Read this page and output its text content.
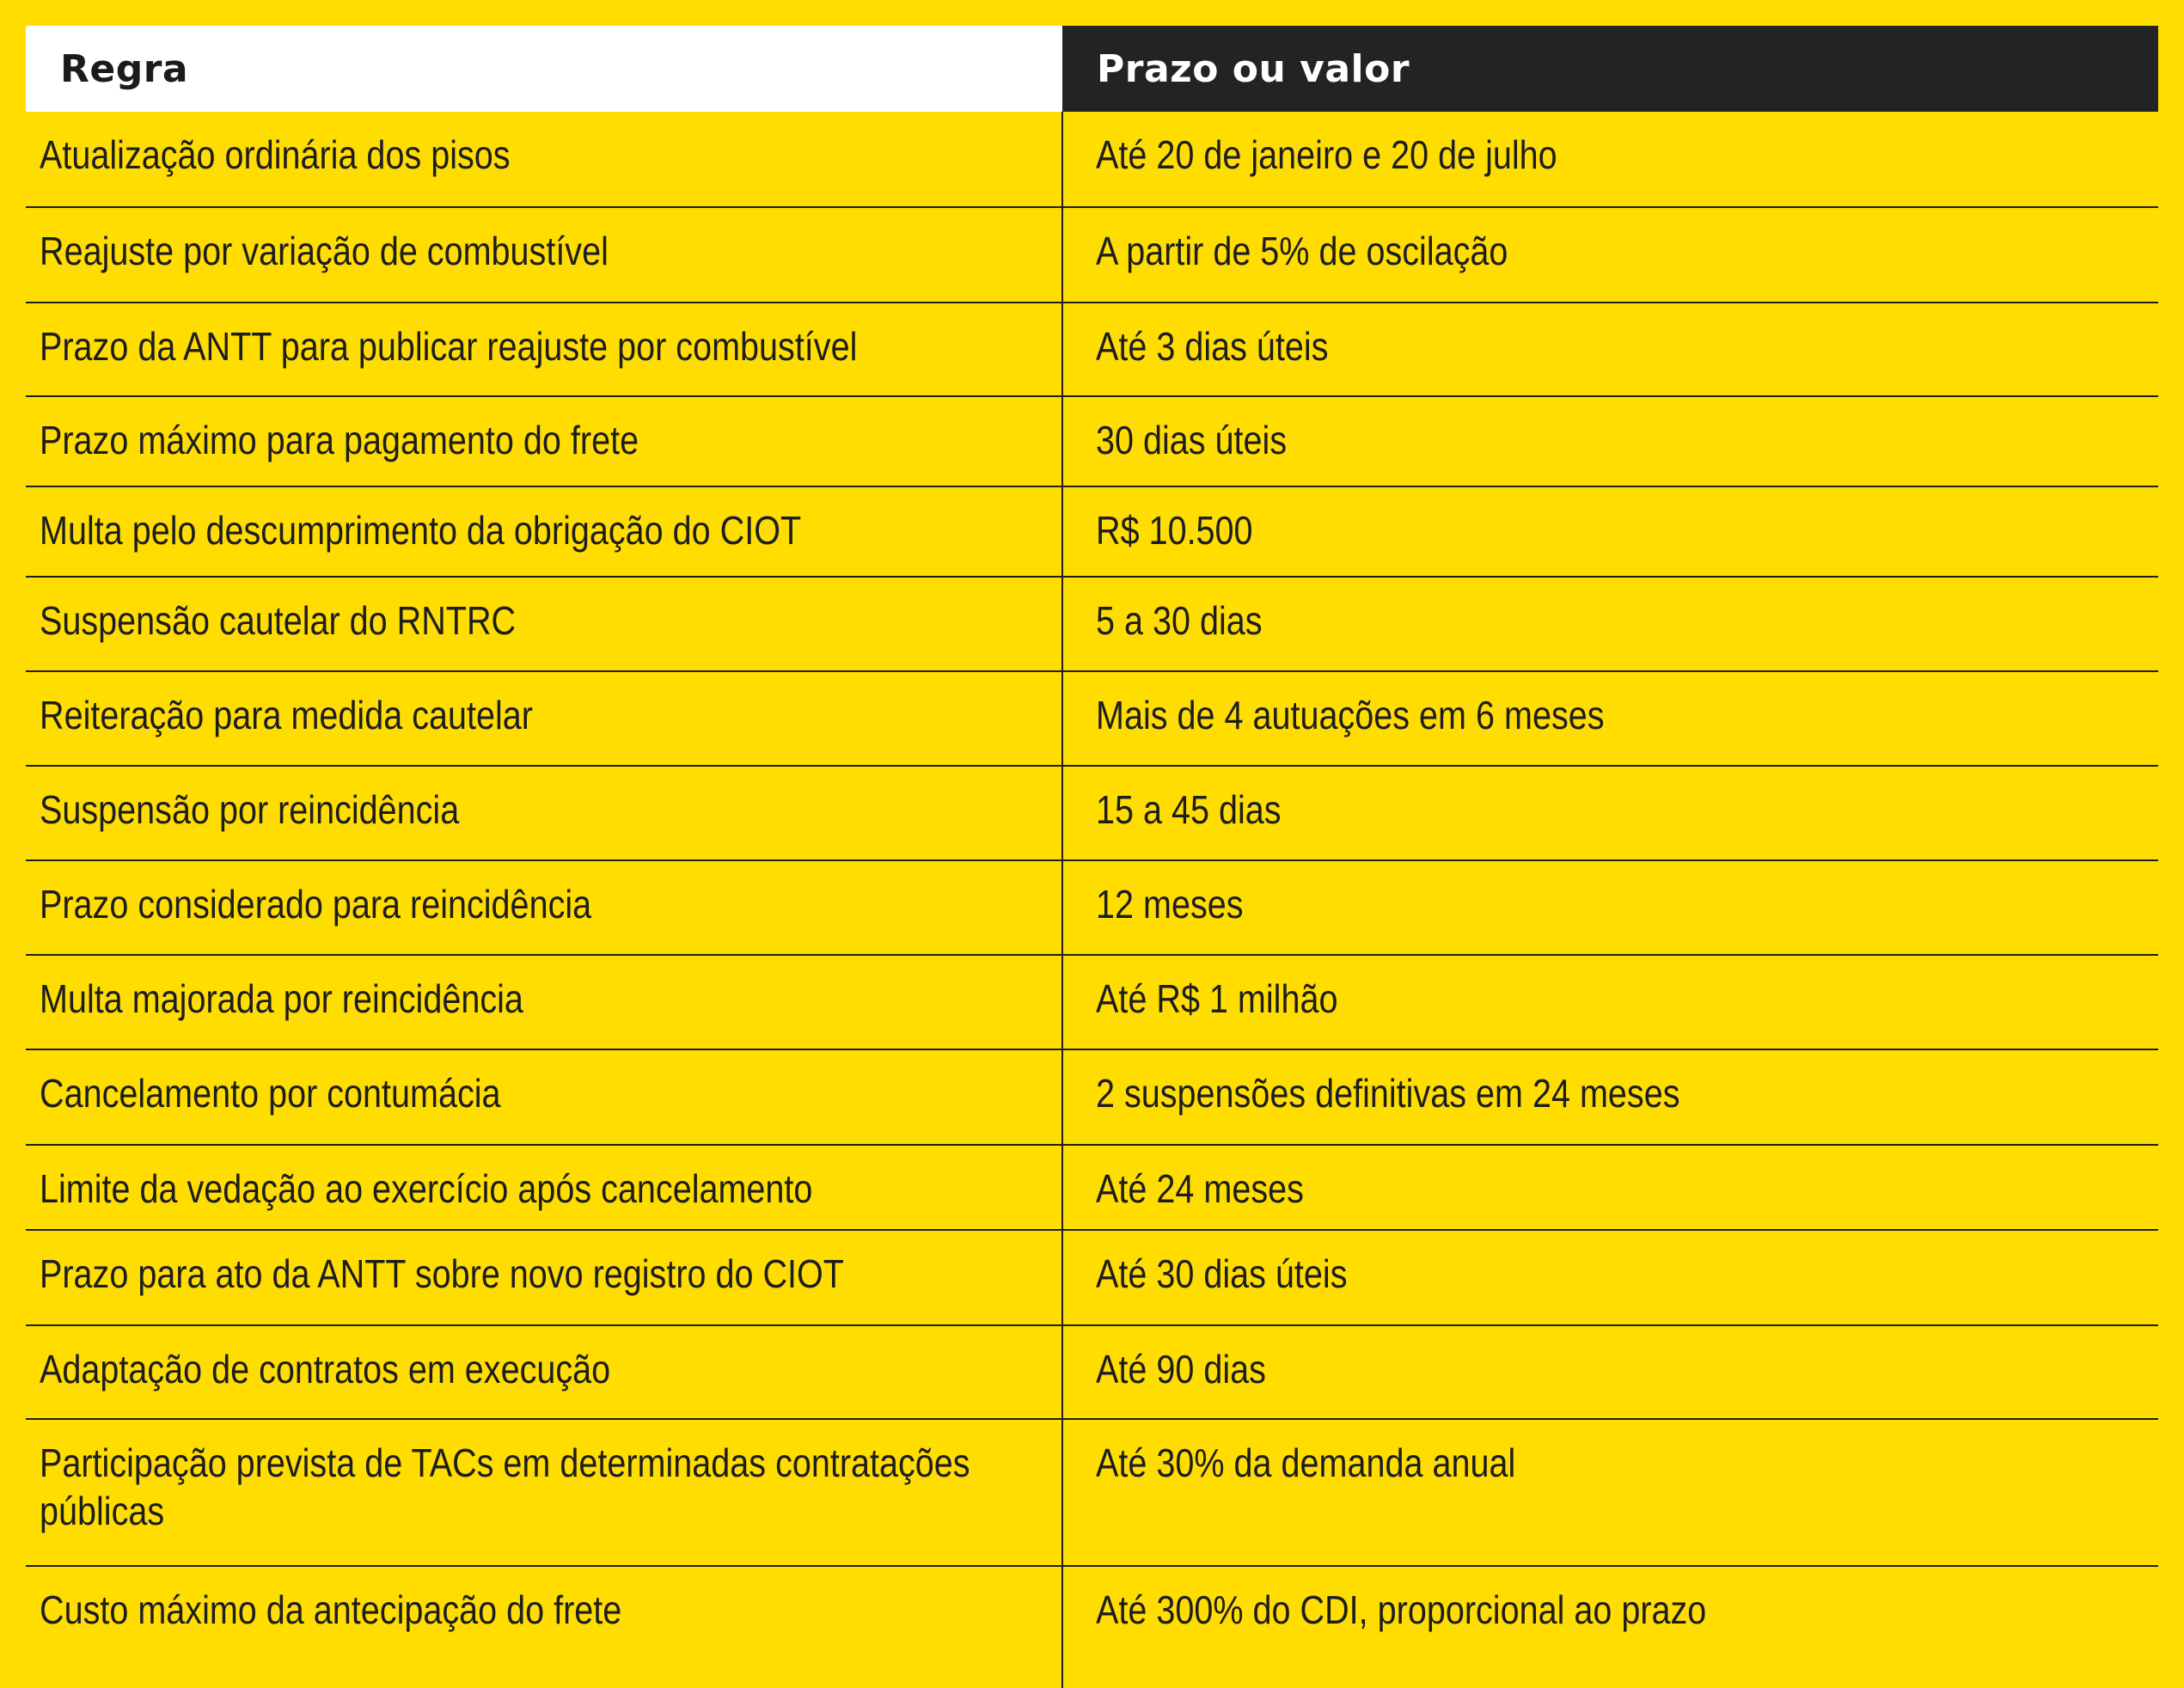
Regra	Prazo ou valor
Atualização ordinária dos pisos	Até 20 de janeiro e 20 de julho
Reajuste por variação de combustível	A partir de 5% de oscilação
Prazo da ANTT para publicar reajuste por combustível	Até 3 dias úteis
Prazo máximo para pagamento do frete	30 dias úteis
Multa pelo descumprimento da obrigação do CIOT	R$ 10.500
Suspensão cautelar do RNTRC	5 a 30 dias
Reiteração para medida cautelar	Mais de 4 autuações em 6 meses
Suspensão por reincidência	15 a 45 dias
Prazo considerado para reincidência	12 meses
Multa majorada por reincidência	Até R$ 1 milhão
Cancelamento por contumácia	2 suspensões definitivas em 24 meses
Limite da vedação ao exercício após cancelamento	Até 24 meses
Prazo para ato da ANTT sobre novo registro do CIOT	Até 30 dias úteis
Adaptação de contratos em execução	Até 90 dias
Participação prevista de TACs em determinadas contratações públicas	Até 30% da demanda anual
Custo máximo da antecipação do frete	Até 300% do CDI, proporcional ao prazo
